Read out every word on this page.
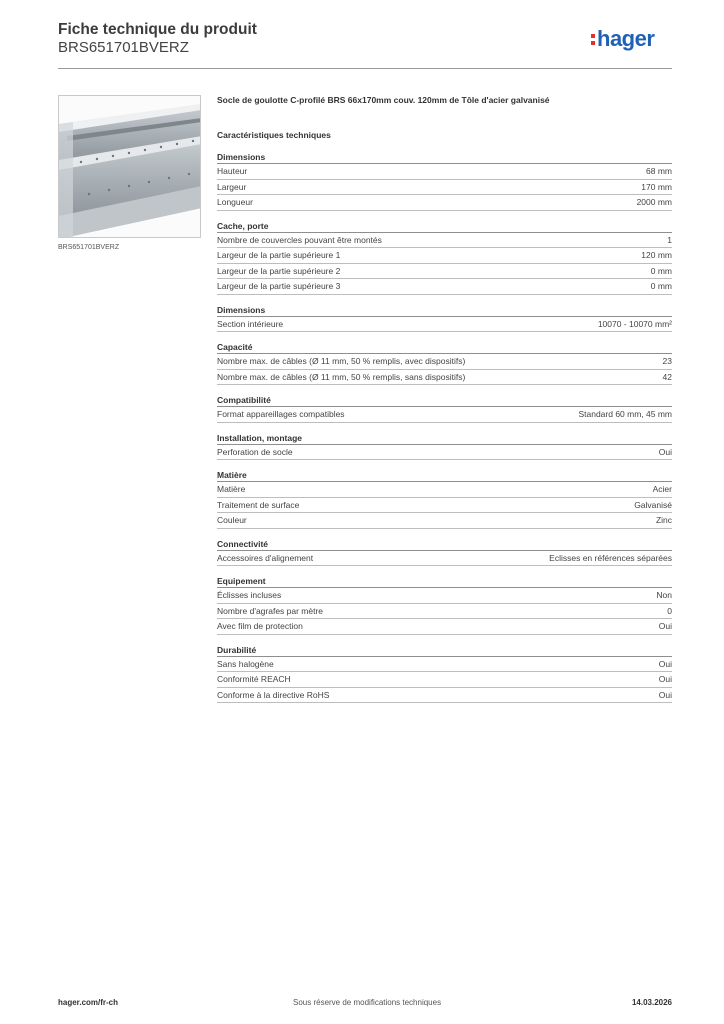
Fiche technique du produit
BRS651701BVERZ	hager
BRS651701BVERZ
Socle de goulotte C-profilé BRS 66x170mm couv. 120mm de Tôle d'acier galvanisé
Caractéristiques techniques
Dimensions
Hauteur	68 mm
Largeur	170 mm
Longueur	2000 mm
Cache, porte
Nombre de couvercles pouvant être montés	1
Largeur de la partie supérieure 1	120 mm
Largeur de la partie supérieure 2	0 mm
Largeur de la partie supérieure 3	0 mm
Dimensions
Section intérieure	10070 - 10070 mm²
Capacité
Nombre max. de câbles (Ø 11 mm, 50 % remplis, avec dispositifs)	23
Nombre max. de câbles (Ø 11 mm, 50 % remplis, sans dispositifs)	42
Compatibilité
Format appareillages compatibles	Standard 60 mm, 45 mm
Installation, montage
Perforation de socle	Oui
Matière
Matière	Acier
Traitement de surface	Galvanisé
Couleur	Zinc
Connectivité
Accessoires d'alignement	Eclisses en références séparées
Equipement
Éclisses incluses	Non
Nombre d'agrafes par mètre	0
Avec film de protection	Oui
Durabilité
Sans halogène	Oui
Conformité REACH	Oui
Conforme à la directive RoHS	Oui
hager.com/fr-ch	Sous réserve de modifications techniques	14.03.2026
